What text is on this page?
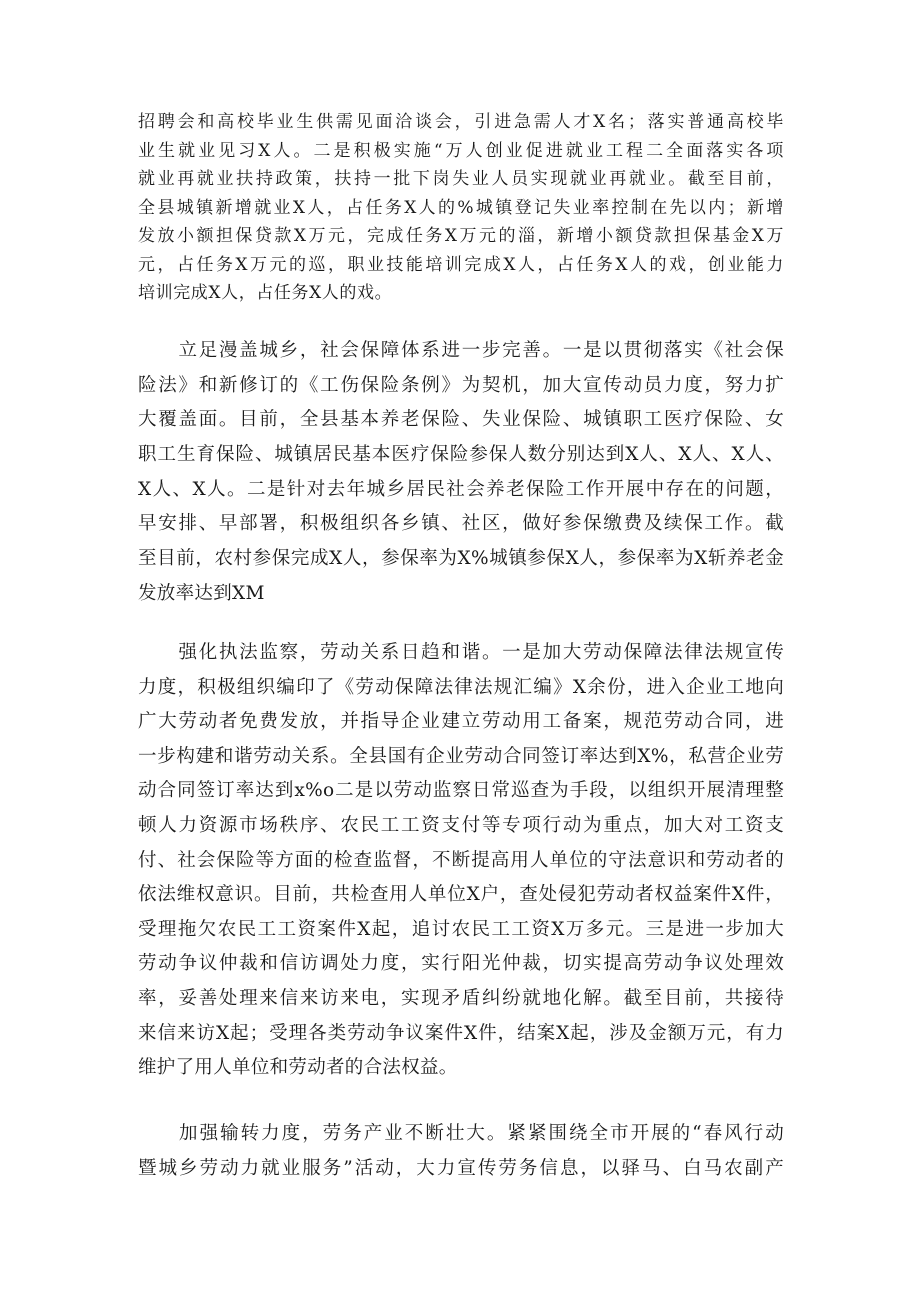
招聘会和高校毕业生供需见面洽谈会，引进急需人才X名；落实普通高校毕
业生就业见习X人。二是积极实施“万人创业促进就业工程二全面落实各项
就业再就业扶持政策，扶持一批下岗失业人员实现就业再就业。截至目前，
全县城镇新增就业X人，占任务X人的%城镇登记失业率控制在先以内；新增
发放小额担保贷款X万元，完成任务X万元的淄，新增小额贷款担保基金X万
元，占任务X万元的巡，职业技能培训完成X人，占任务X人的戏，创业能力
培训完成X人，占任务X人的戏。
　　立足漫盖城乡，社会保障体系进一步完善。一是以贯彻落实《社会保
险法》和新修订的《工伤保险条例》为契机，加大宣传动员力度，努力扩
大覆盖面。目前，全县基本养老保险、失业保险、城镇职工医疗保险、女
职工生育保险、城镇居民基本医疗保险参保人数分别达到X人、X人、X人、
X人、X人。二是针对去年城乡居民社会养老保险工作开展中存在的问题，
早安排、早部署，积极组织各乡镇、社区，做好参保缴费及续保工作。截
至目前，农村参保完成X人，参保率为X%城镇参保X人，参保率为X斩养老金
发放率达到XM
　　强化执法监察，劳动关系日趋和谐。一是加大劳动保障法律法规宣传
力度，积极组织编印了《劳动保障法律法规汇编》X余份，进入企业工地向
广大劳动者免费发放，并指导企业建立劳动用工备案，规范劳动合同，进
一步构建和谐劳动关系。全县国有企业劳动合同签订率达到X%，私营企业劳
动合同签订率达到x%o二是以劳动监察日常巡查为手段，以组织开展清理整
顿人力资源市场秩序、农民工工资支付等专项行动为重点，加大对工资支
付、社会保险等方面的检查监督，不断提高用人单位的守法意识和劳动者的
依法维权意识。目前，共检查用人单位X户，查处侵犯劳动者权益案件X件，
受理拖欠农民工工资案件X起，追讨农民工工资X万多元。三是进一步加大
劳动争议仲裁和信访调处力度，实行阳光仲裁，切实提高劳动争议处理效
率，妥善处理来信来访来电，实现矛盾纠纷就地化解。截至目前，共接待
来信来访X起；受理各类劳动争议案件X件，结案X起，涉及金额万元，有力
维护了用人单位和劳动者的合法权益。
　　加强输转力度，劳务产业不断壮大。紧紧围绕全市开展的“春风行动
暨城乡劳动力就业服务”活动，大力宣传劳务信息，以驿马、白马农副产
